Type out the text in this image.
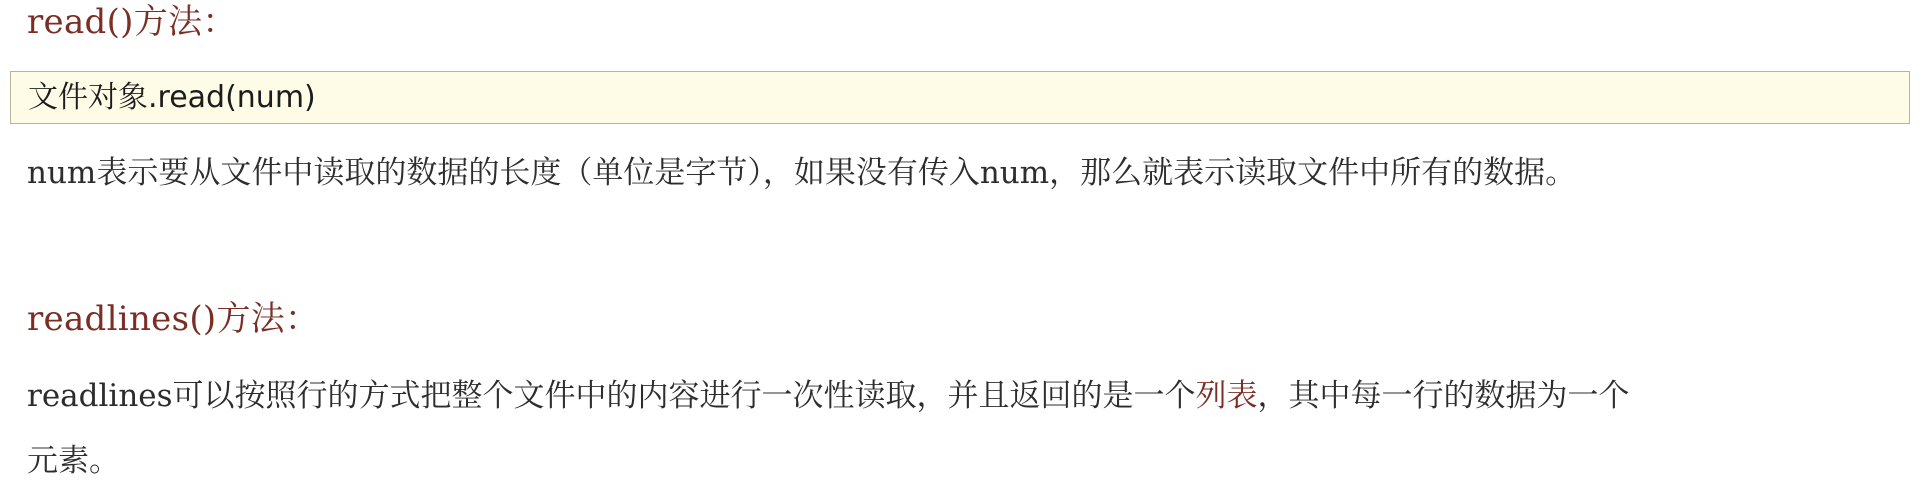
read()方法：
文件对象.read(num)
num表示要从文件中读取的数据的长度（单位是字节），如果没有传入num，那么就表示读取文件中所有的数据。
readlines()方法：
readlines可以按照行的方式把整个文件中的内容进行一次性读取，并且返回的是一个列表，其中每一行的数据为一个
元素。
